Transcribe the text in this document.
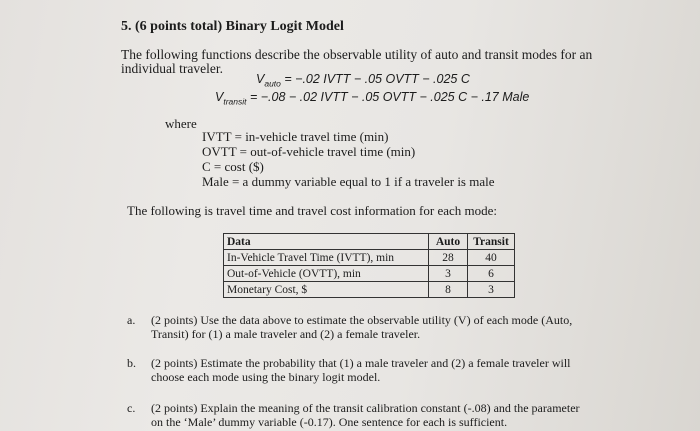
5. (6 points total) Binary Logit Model
The following functions describe the observable utility of auto and transit modes for an
individual traveler.
$V_{auto} = -.02$ IVTT − .05 OVTT − .025 C
$V_{transit} = -.08 - .02$ IVTT − .05 OVTT − .025 C − .17 Male
where
IVTT = in-vehicle travel time (min)
OVTT = out-of-vehicle travel time (min)
C = cost ($)
Male = a dummy variable equal to 1 if a traveler is male
The following is travel time and travel cost information for each mode:
Data	Auto	Transit
In-Vehicle Travel Time (IVTT), min	28	40
Out-of-Vehicle (OVTT), min	3	6
Monetary Cost, $	8	3
a. (2 points) Use the data above to estimate the observable utility (V) of each mode (Auto,
Transit) for (1) a male traveler and (2) a female traveler.
b. (2 points) Estimate the probability that (1) a male traveler and (2) a female traveler will
choose each mode using the binary logit model.
c. (2 points) Explain the meaning of the transit calibration constant (-.08) and the parameter
on the ‘Male’ dummy variable (-0.17). One sentence for each is sufficient.
